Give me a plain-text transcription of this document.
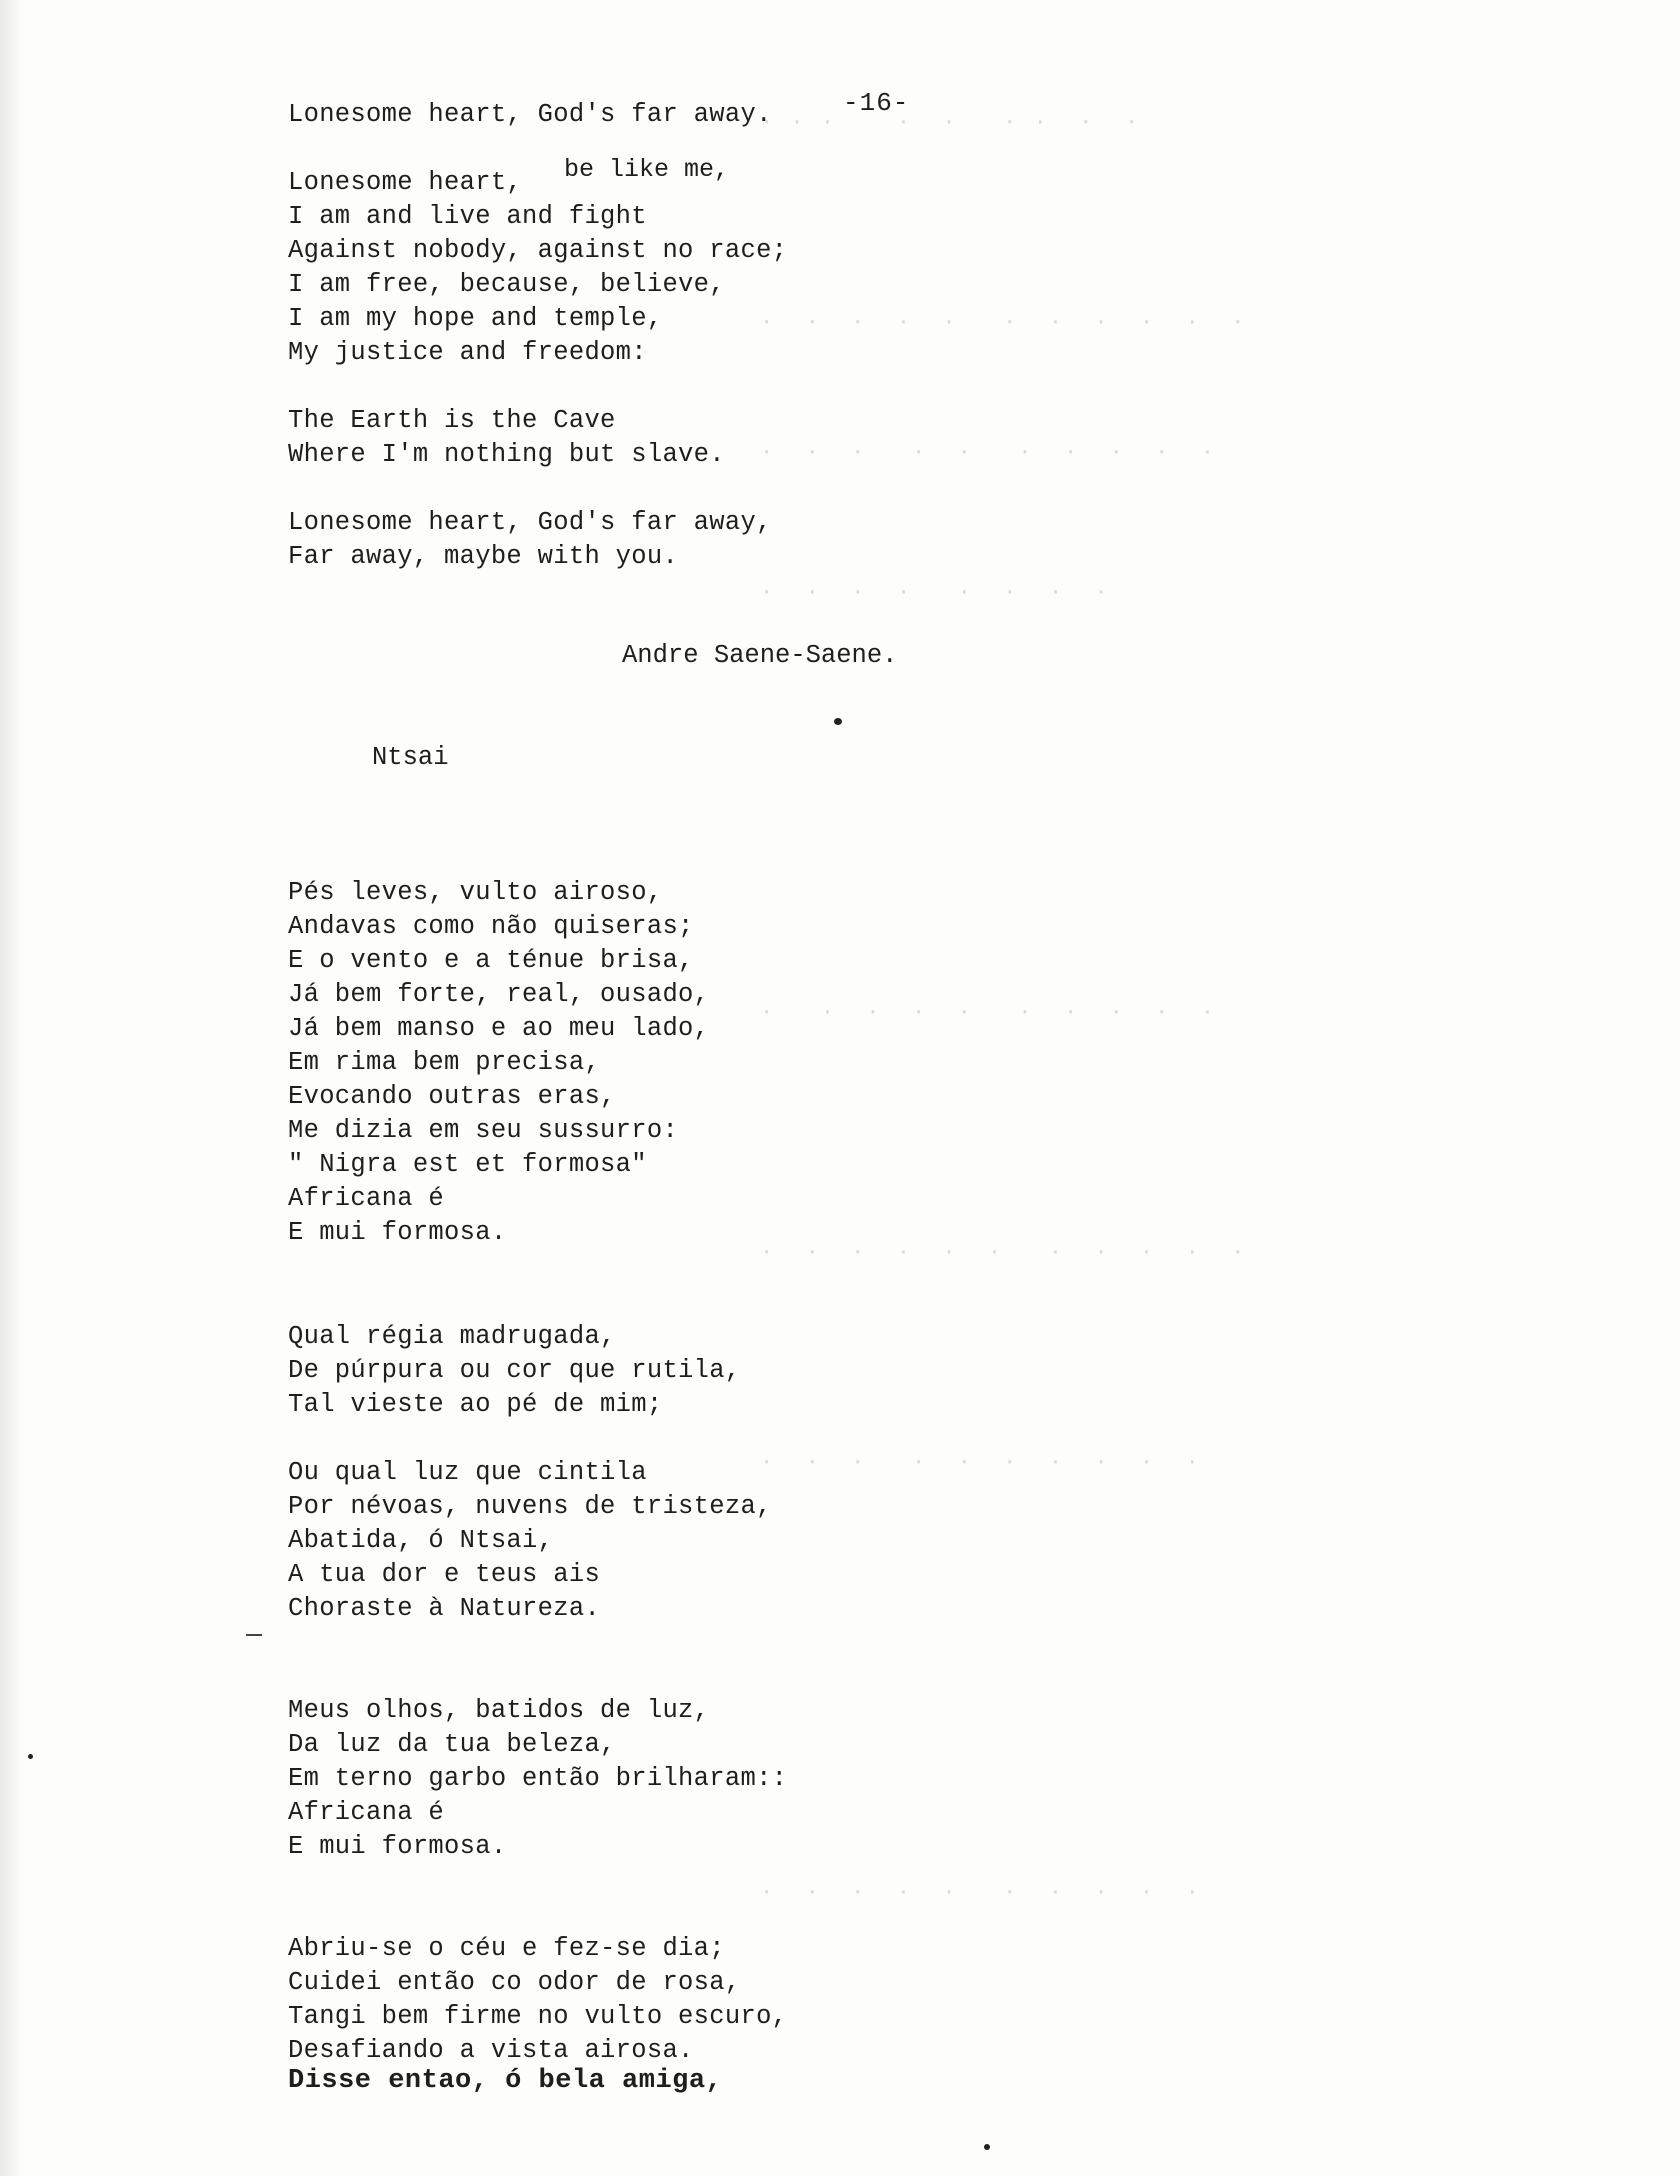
· · ·    ·  ·   · ·  ·  ·
·  ·  ·  ·  ·   ·  ·  ·  ·  ·  ·
·  ·  ·   ·  ·   ·  ·  ·  ·  ·
·  ·  ·  ·   ·  ·  ·  ·
·   ·  ·  ·  ·   ·  ·  ·  ·  ·
·  ·  ·  ·  ·  ·   ·  ·  ·  ·  ·
·  ·  ·   ·  ·  ·  ·  ·  ·  ·
·  ·  ·  ·  ·   ·  ·  ·  ·  ·
-16-
Lonesome heart, God's far away.
Lonesome heart, be like me,
I am and live and fight
Against nobody, against no race;
I am free, because, believe,
I am my hope and temple,
My justice and freedom:
The Earth is the Cave
Where I'm nothing but slave.
Lonesome heart, God's far away,
Far away, maybe with you.
Andre Saene-Saene.
Ntsai
Pés leves, vulto airoso,
Andavas como não quiseras;
E o vento e a ténue brisa,
Já bem forte, real, ousado,
Já bem manso e ao meu lado,
Em rima bem precisa,
Evocando outras eras,
Me dizia em seu sussurro:
" Nigra est et formosa"
Africana é
E mui formosa.
Qual régia madrugada,
De púrpura ou cor que rutila,
Tal vieste ao pé de mim;
Ou qual luz que cintila
Por névoas, nuvens de tristeza,
Abatida, ó Ntsai,
A tua dor e teus ais
Choraste à Natureza.
Meus olhos, batidos de luz,
Da luz da tua beleza,
Em terno garbo então brilharam::
Africana é
E mui formosa.
Abriu-se o céu e fez-se dia;
Cuidei então co odor de rosa,
Tangi bem firme no vulto escuro,
Desafiando a vista airosa.
Disse entao, ó bela amiga,
